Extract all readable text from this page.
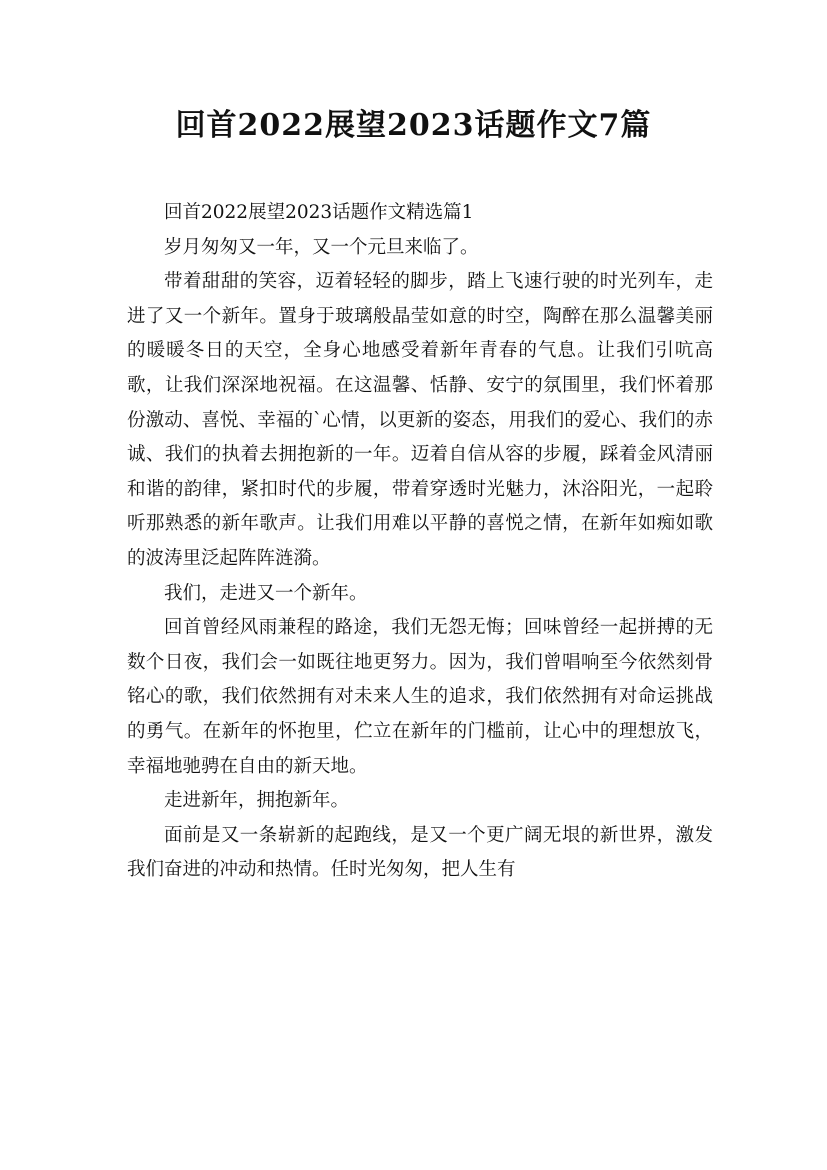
回首2022展望2023话题作文7篇

回首2022展望2023话题作文精选篇1

岁月匆匆又一年，又一个元旦来临了。

带着甜甜的笑容，迈着轻轻的脚步，踏上飞速行驶的时光列车，走进了又一个新年。置身于玻璃般晶莹如意的时空，陶醉在那么温馨美丽的暖暖冬日的天空，全身心地感受着新年青春的气息。让我们引吭高歌，让我们深深地祝福。在这温馨、恬静、安宁的氛围里，我们怀着那份激动、喜悦、幸福的`心情，以更新的姿态，用我们的爱心、我们的赤诚、我们的执着去拥抱新的一年。迈着自信从容的步履，踩着金风清丽和谐的韵律，紧扣时代的步履，带着穿透时光魅力，沐浴阳光，一起聆听那熟悉的新年歌声。让我们用难以平静的喜悦之情，在新年如痴如歌的波涛里泛起阵阵涟漪。

我们，走进又一个新年。

回首曾经风雨兼程的路途，我们无怨无悔；回味曾经一起拼搏的无数个日夜，我们会一如既往地更努力。因为，我们曾唱响至今依然刻骨铭心的歌，我们依然拥有对未来人生的追求，我们依然拥有对命运挑战的勇气。在新年的怀抱里，伫立在新年的门槛前，让心中的理想放飞，幸福地驰骋在自由的新天地。

走进新年，拥抱新年。

面前是又一条崭新的起跑线，是又一个更广阔无垠的新世界，激发我们奋进的冲动和热情。任时光匆匆，把人生有
